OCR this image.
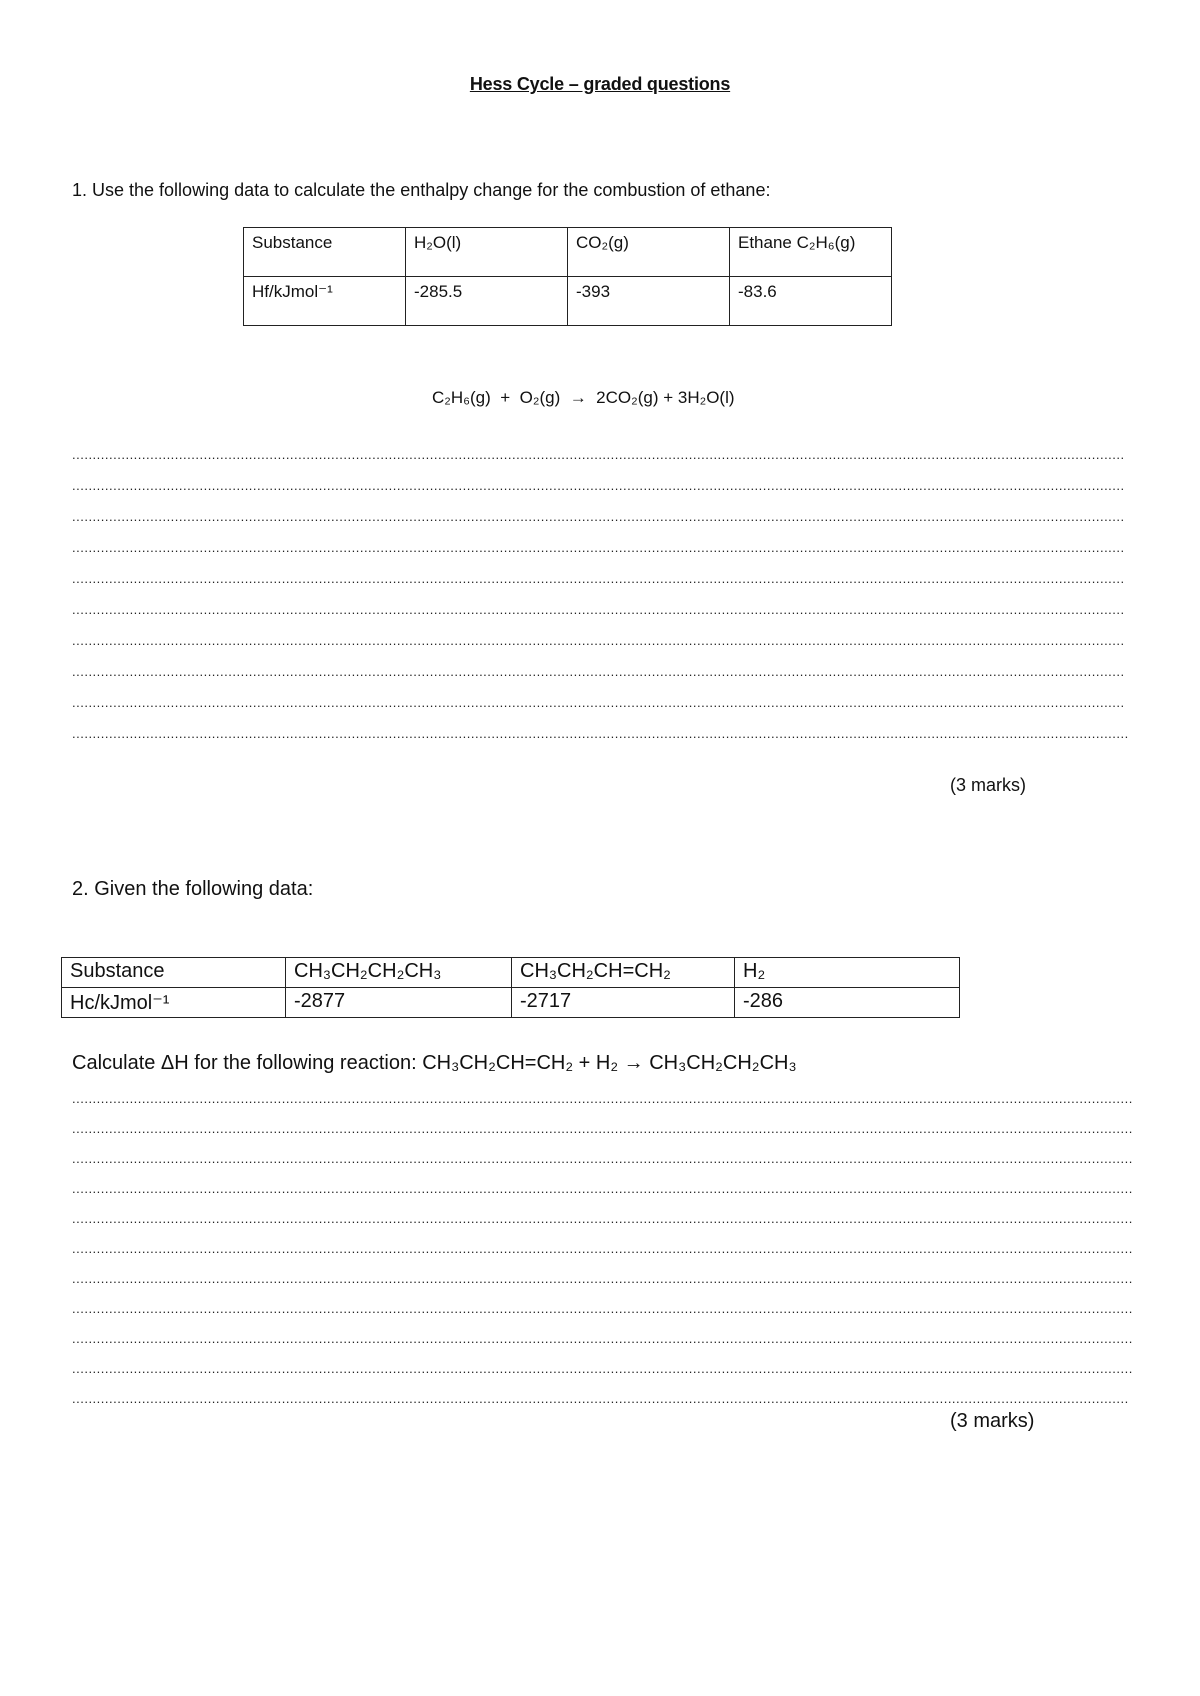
Hess Cycle – graded questions
1. Use the following data to calculate the enthalpy change for the combustion of ethane:
Substance	H₂O(l)	CO₂(g)	Ethane C₂H₆(g)
Hf/kJmol⁻¹	-285.5	-393	-83.6
C₂H₆(g) + O₂(g) → 2CO₂(g) + 3H₂O(l)
.....
.....
.....
.....
.....
.....
.....
.....
.....
.....
(3 marks)
2. Given the following data:
Substance	CH₃CH₂CH₂CH₃	CH₃CH₂CH=CH₂	H₂
Hc/kJmol⁻¹	-2877	-2717	-286
Calculate ΔH for the following reaction: CH₃CH₂CH=CH₂ + H₂ → CH₃CH₂CH₂CH₃
.....
.....
.....
.....
.....
.....
.....
.....
.....
.....
.....
(3 marks)
